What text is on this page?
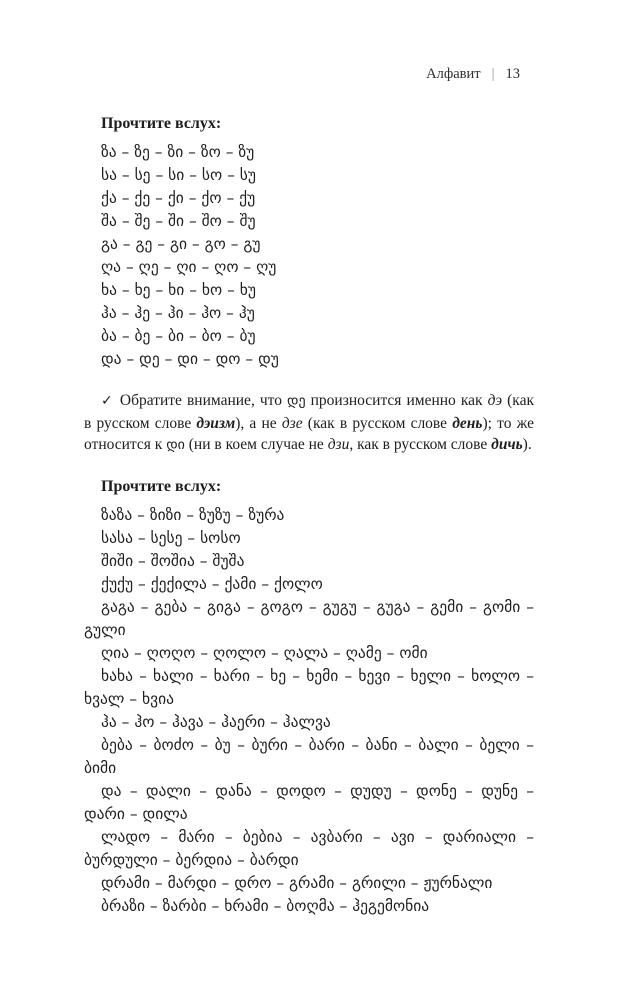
Алфавит | 13
Прочтите вслух:

ზა – ზე – ზი – ზო – ზუ

სა – სე – სი – სო – სუ

ქა – ქე – ქი – ქო – ქუ

შა – შე – ში – შო – შუ

გა – გე – გი – გო – გუ

ღა – ღე – ღი – ღო – ღუ

ხა – ხე – ხი – ხო – ხუ

ჰა – ჰე – ჰი – ჰო – ჰუ

ბა – ბე – ბი – ბო – ბუ

და – დე – დი – დო – დუ

✓ Обратите внимание, что დე произносится именно как дэ (как в русском слове дэизм), а не дзе (как в русском слове день); то же относится к დი (ни в коем случае не дзи, как в русском слове дичь).

Прочтите вслух:

ზაზა – ზიზი – ზუზუ – ზურა

სასა – სესე – სოსო

შიში – შოშია – შუშა

ქუქუ – ქექილა – ქამი – ქოლო

გაგა – გება – გიგა – გოგო – გუგუ – გუგა – გემი – გომი – გული

ღია – ღოღო – ღოლო – ღალა – ღამე – ომი

ხახა – ხალი – ხარი – ხე – ხემი – ხევი – ხელი – ხოლო – ხვალ – ხვია

ჰა – ჰო – ჰავა – ჰაერი – ჰალვა

ბება – ბოძო – ბუ – ბური – ბარი – ბანი – ბალი – ბელი – ბიმი

და – დალი – დანა – დოდო – დუდუ – დონე – დუნე – დარი – დილა

ლადო – მარი – ბებია – ავბარი – ავი – დარიალი – ბურდული – ბერდია – ბარდი

დრამი – მარდი – დრო – გრამი – გრილი – ჟურნალი

ბრაზი – ზარბი – ხრამი – ბოღმა – ჰეგემონია
